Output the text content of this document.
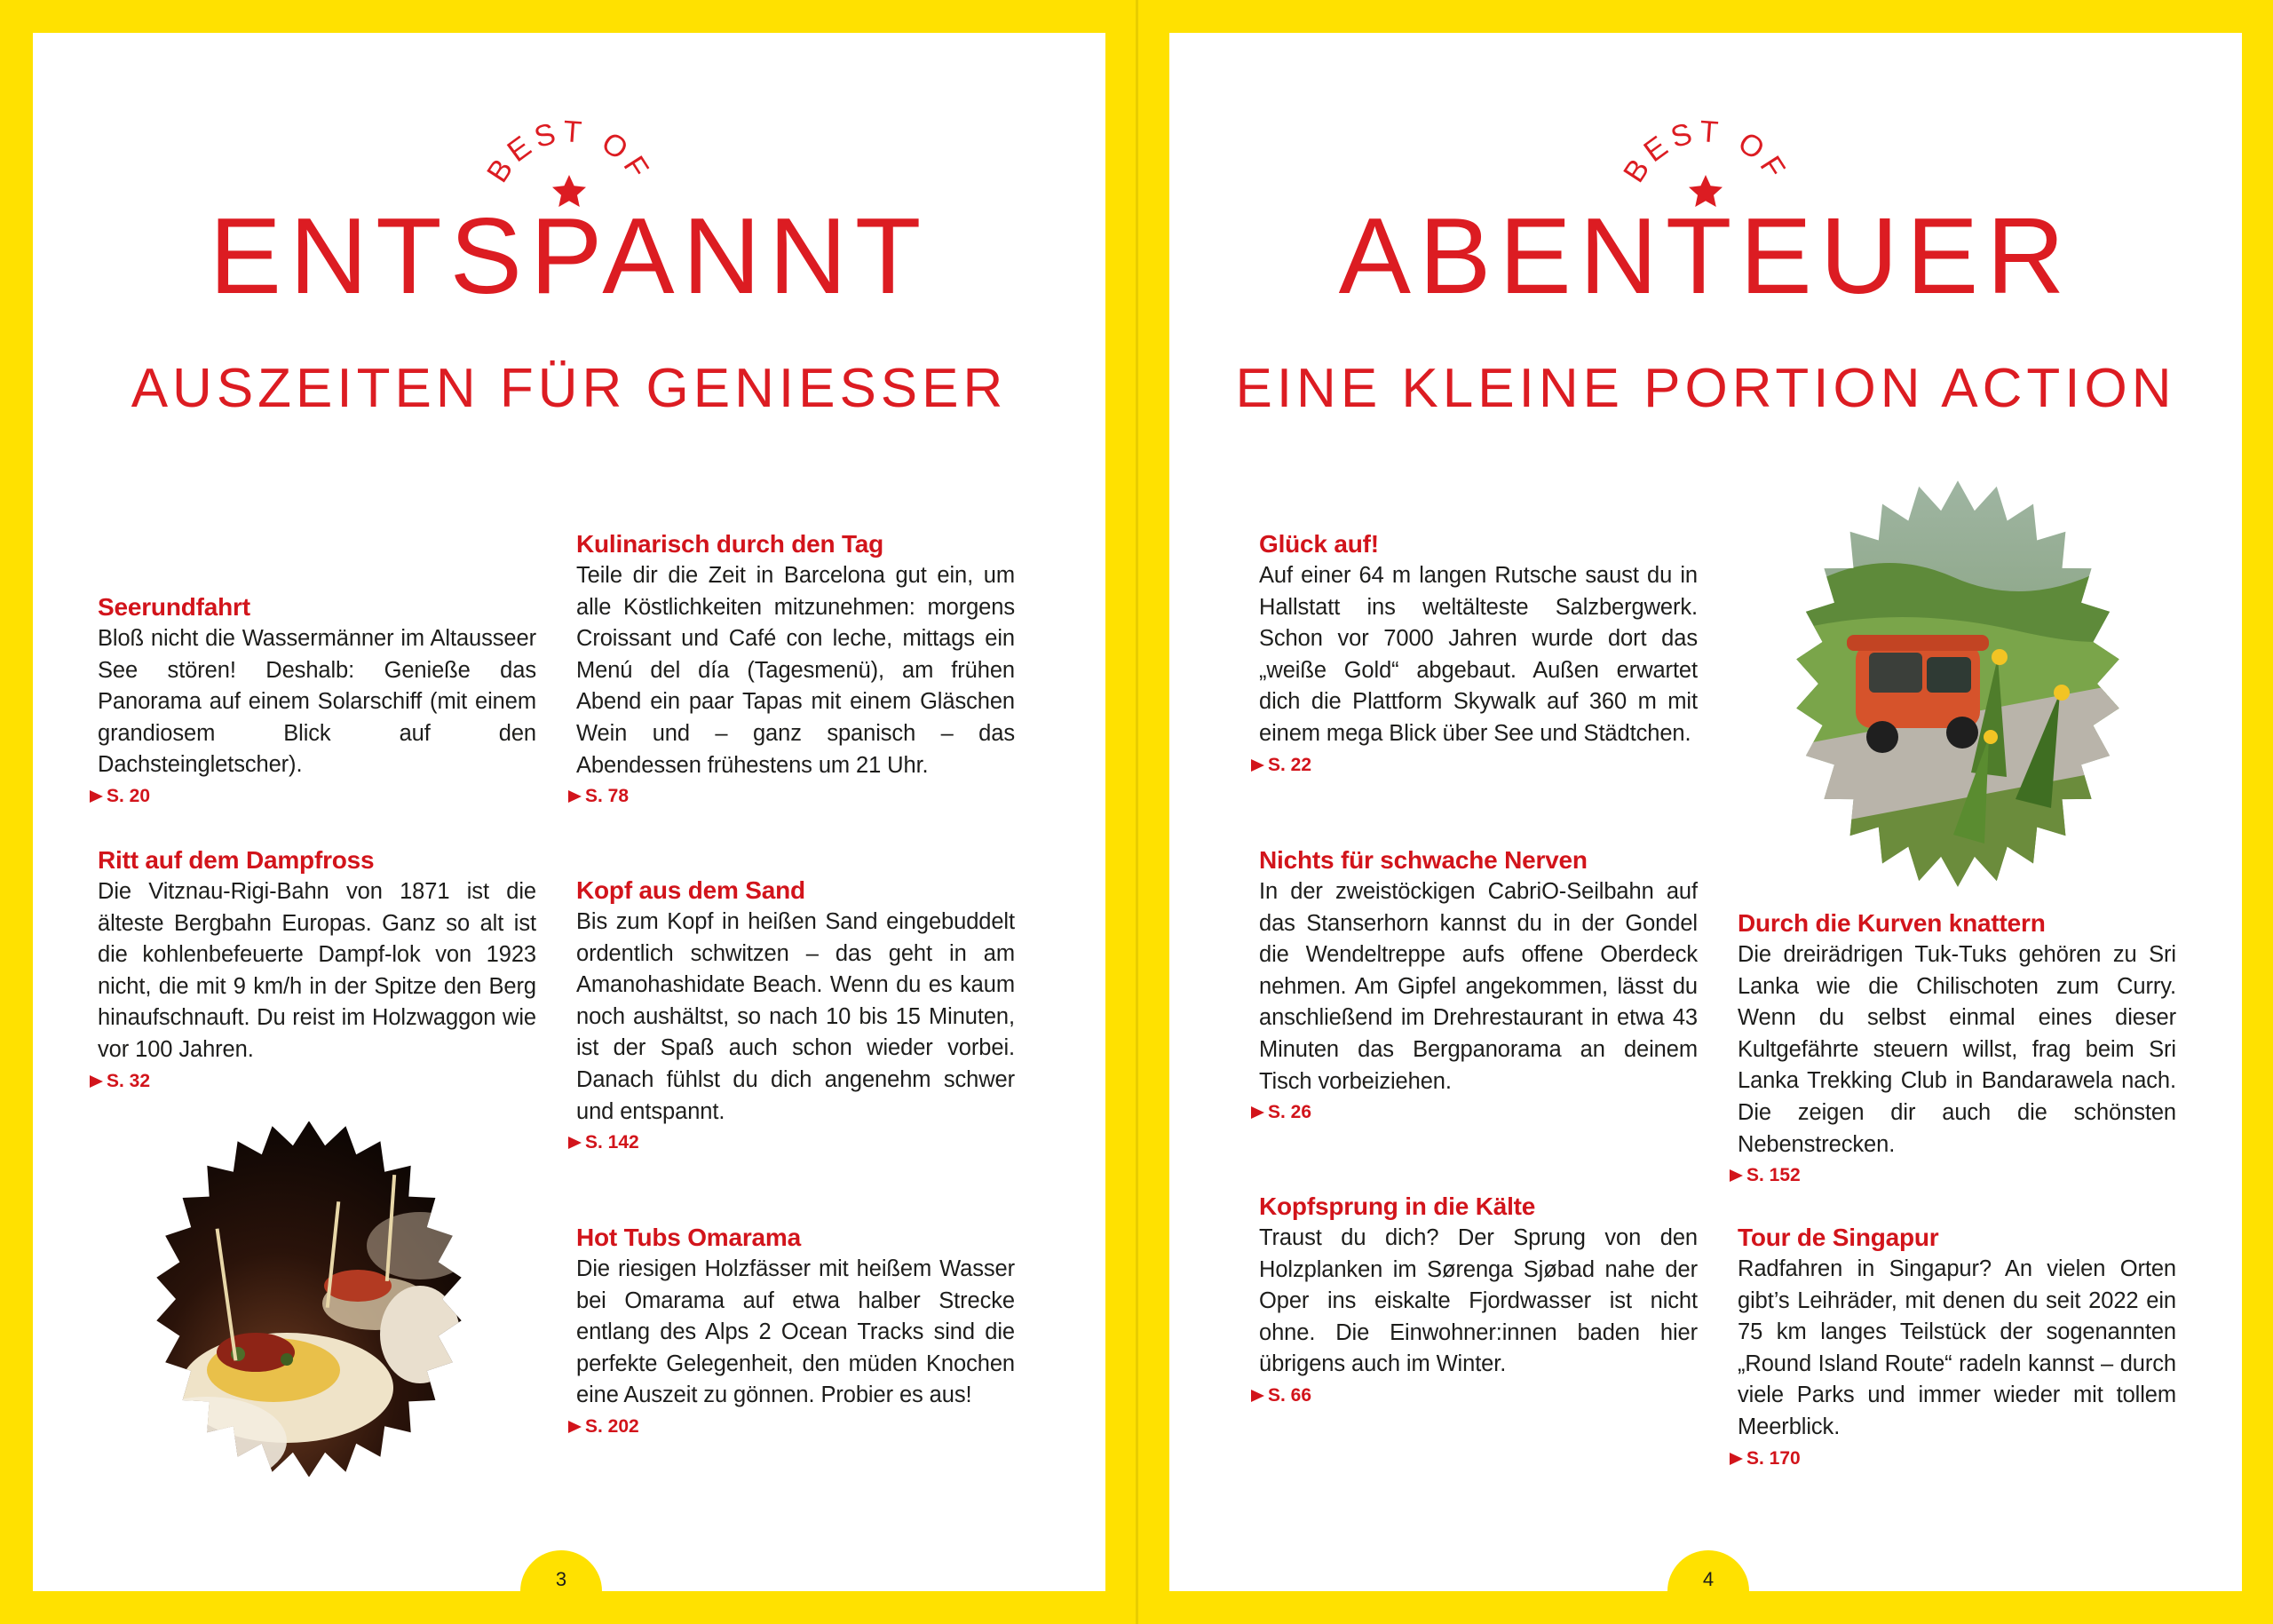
BEST OF
ENTSPANNT
AUSZEITEN FÜR GENIESSER
Seerundfahrt

Bloß nicht die Wassermänner im Altausseer See stören! Deshalb: Genieße das Panorama auf einem Solarschiff (mit einem grandiosem Blick auf den Dachsteingletscher).

S. 20
Ritt auf dem Dampfross

Die Vitznau-Rigi-Bahn von 1871 ist die älteste Bergbahn Europas. Ganz so alt ist die kohlenbefeuerte Dampf-lok von 1923 nicht, die mit 9 km/h in der Spitze den Berg hinaufschnauft. Du reist im Holzwaggon wie vor 100 Jahren.

S. 32
Kulinarisch durch den Tag

Teile dir die Zeit in Barcelona gut ein, um alle Köstlichkeiten mitzunehmen: morgens Croissant und Café con leche, mittags ein Menú del día (Tagesmenü), am frühen Abend ein paar Tapas mit einem Gläschen Wein und – ganz spanisch – das Abendessen frühestens um 21 Uhr.

S. 78
Kopf aus dem Sand

Bis zum Kopf in heißen Sand eingebuddelt ordentlich schwitzen – das geht in am Amanohashidate Beach. Wenn du es kaum noch aushältst, so nach 10 bis 15 Minuten, ist der Spaß auch schon wieder vorbei. Danach fühlst du dich angenehm schwer und entspannt.

S. 142
Hot Tubs Omarama

Die riesigen Holzfässer mit heißem Wasser bei Omarama auf etwa halber Strecke entlang des Alps 2 Ocean Tracks sind die perfekte Gelegenheit, den müden Knochen eine Auszeit zu gönnen. Probier es aus!

S. 202
3
BEST OF
ABENTEUER
EINE KLEINE PORTION ACTION
Glück auf!

Auf einer 64 m langen Rutsche saust du in Hallstatt ins weltälteste Salzbergwerk. Schon vor 7000 Jahren wurde dort das „weiße Gold“ abgebaut. Außen erwartet dich die Plattform Skywalk auf 360 m mit einem mega Blick über See und Städtchen.

S. 22
Nichts für schwache Nerven

In der zweistöckigen CabriO-Seilbahn auf das Stanserhorn kannst du in der Gondel die Wendeltreppe aufs offene Oberdeck nehmen. Am Gipfel angekommen, lässt du anschließend im Drehrestaurant in etwa 43 Minuten das Bergpanorama an deinem Tisch vorbeiziehen.

S. 26
Kopfsprung in die Kälte

Traust du dich? Der Sprung von den Holzplanken im Sørenga Sjøbad nahe der Oper ins eiskalte Fjordwasser ist nicht ohne. Die Einwohner:innen baden hier übrigens auch im Winter.

S. 66
Durch die Kurven knattern

Die dreirädrigen Tuk-Tuks gehören zu Sri Lanka wie die Chilischoten zum Curry. Wenn du selbst einmal eines dieser Kultgefährte steuern willst, frag beim Sri Lanka Trekking Club in Bandarawela nach. Die zeigen dir auch die schönsten Nebenstrecken.

S. 152
Tour de Singapur

Radfahren in Singapur? An vielen Orten gibt’s Leihräder, mit denen du seit 2022 ein 75 km langes Teilstück der sogenannten „Round Island Route“ radeln kannst – durch viele Parks und immer wieder mit tollem Meerblick.

S. 170
4
